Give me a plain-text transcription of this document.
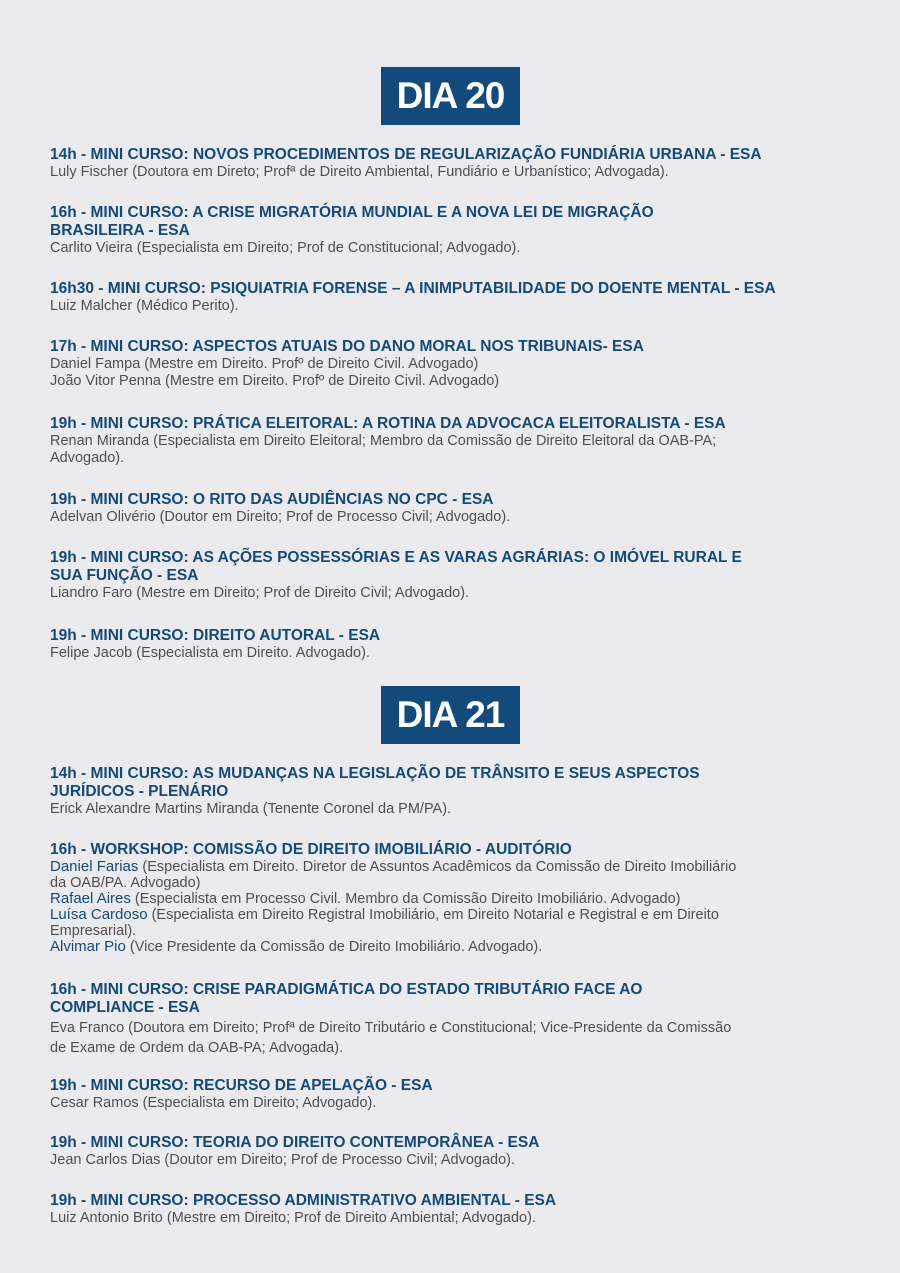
DIA 20
14h - MINI CURSO: NOVOS PROCEDIMENTOS DE REGULARIZAÇÃO FUNDIÁRIA URBANA - ESA
Luly Fischer (Doutora em Direto; Profª de Direito Ambiental, Fundiário e Urbanístico; Advogada).
16h - MINI CURSO: A CRISE MIGRATÓRIA MUNDIAL E A NOVA LEI DE MIGRAÇÃO
BRASILEIRA - ESA
Carlito Vieira (Especialista em Direito; Prof de Constitucional; Advogado).
16h30 - MINI CURSO: PSIQUIATRIA FORENSE – A INIMPUTABILIDADE DO DOENTE MENTAL - ESA
Luiz Malcher (Médico Perito).
17h - MINI CURSO: ASPECTOS ATUAIS DO DANO MORAL NOS TRIBUNAIS- ESA
Daniel Fampa (Mestre em Direito. Profº de Direito Civil. Advogado)
João Vitor Penna (Mestre em Direito. Profº de Direito Civil. Advogado)
19h - MINI CURSO: PRÁTICA ELEITORAL: A ROTINA DA ADVOCACA ELEITORALISTA - ESA
Renan Miranda (Especialista em Direito Eleitoral; Membro da Comissão de Direito Eleitoral da OAB-PA;
Advogado).
19h - MINI CURSO: O RITO DAS AUDIÊNCIAS NO CPC - ESA
Adelvan Olivério (Doutor em Direito; Prof de Processo Civil; Advogado).
19h - MINI CURSO: AS AÇÕES POSSESSÓRIAS E AS VARAS AGRÁRIAS: O IMÓVEL RURAL E
SUA FUNÇÃO - ESA
Liandro Faro (Mestre em Direito; Prof de Direito Civil; Advogado).
19h - MINI CURSO: DIREITO AUTORAL - ESA
Felipe Jacob (Especialista em Direito. Advogado).
DIA 21
14h - MINI CURSO: AS MUDANÇAS NA LEGISLAÇÃO DE TRÂNSITO E SEUS ASPECTOS
JURÍDICOS - PLENÁRIO
Erick Alexandre Martins Miranda (Tenente Coronel da PM/PA).
16h - WORKSHOP: COMISSÃO DE DIREITO IMOBILIÁRIO - AUDITÓRIO
Daniel Farias (Especialista em Direito. Diretor de Assuntos Acadêmicos da Comissão de Direito Imobiliário
da OAB/PA. Advogado)
Rafael Aires (Especialista em Processo Civil. Membro da Comissão Direito Imobiliário. Advogado)
Luísa Cardoso (Especialista em Direito Registral Imobiliário, em Direito Notarial e Registral e em Direito
Empresarial).
Alvimar Pio (Vice Presidente da Comissão de Direito Imobiliário. Advogado).
16h - MINI CURSO: CRISE PARADIGMÁTICA DO ESTADO TRIBUTÁRIO FACE AO
COMPLIANCE - ESA
Eva Franco (Doutora em Direito; Profª de Direito Tributário e Constitucional; Vice-Presidente da Comissão
de Exame de Ordem da OAB-PA; Advogada).
19h - MINI CURSO: RECURSO DE APELAÇÃO - ESA
Cesar Ramos (Especialista em Direito; Advogado).
19h - MINI CURSO: TEORIA DO DIREITO CONTEMPORÂNEA - ESA
Jean Carlos Dias (Doutor em Direito; Prof de Processo Civil; Advogado).
19h - MINI CURSO: PROCESSO ADMINISTRATIVO AMBIENTAL - ESA
Luiz Antonio Brito (Mestre em Direito; Prof de Direito Ambiental; Advogado).
